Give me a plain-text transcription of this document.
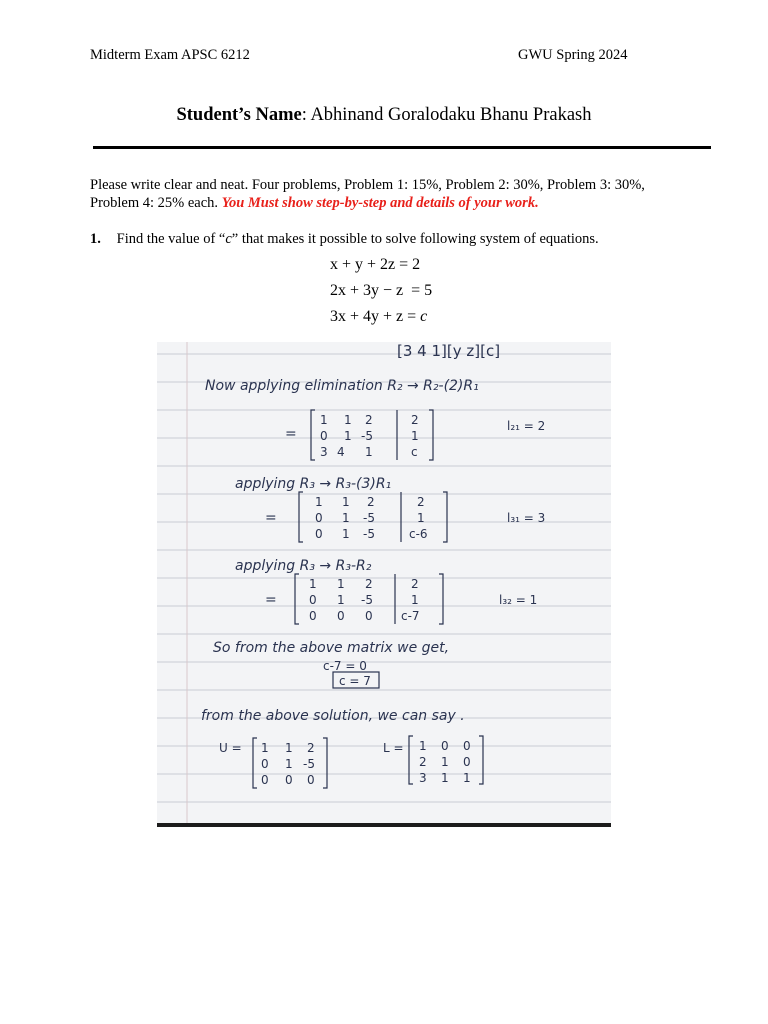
Midterm Exam APSC 6212	GWU Spring 2024
Student’s Name: Abhinand Goralodaku Bhanu Prakash
Please write clear and neat. Four problems, Problem 1: 15%, Problem 2: 30%, Problem 3: 30%, Problem 4: 25% each. You Must show step-by-step and details of your work.
1. Find the value of “c” that makes it possible to solve following system of equations.
x + y + 2z = 2
2x + 3y − z  = 5
3x + 4y + z = c
[3 4 1][y z][c]
Now applying elimination R₂ → R₂-(2)R₁
=
1 1 2	2
0 1 -5	1
3 4 1	c
l₂₁ = 2
applying R₃ → R₃-(3)R₁
=
1 1 2	2
0 1 -5	1
0 1 -5	c-6
l₃₁ = 3
applying R₃ → R₃-R₂
=
1 1 2	2
0 1 -5	1
0 0 0 c-7
l₃₂ = 1
So from the above matrix we get,
c-7 = 0
c = 7
from the above solution, we can say .
U = 1 1 2
0 1 -5
0 0 0
L = 1 0 0
2 1 0
3 1 1
